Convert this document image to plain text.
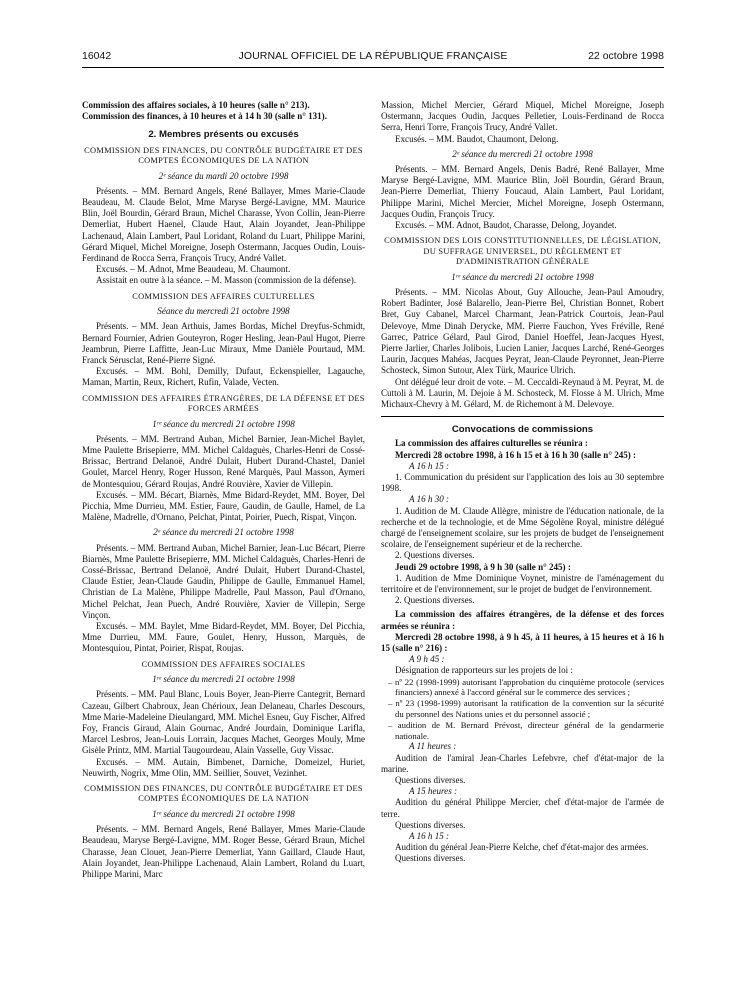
16042	JOURNAL OFFICIEL DE LA RÉPUBLIQUE FRANÇAISE	22 octobre 1998

Commission des affaires sociales, à 10 heures (salle n° 213).

Commission des finances, à 10 heures et à 14 h 30 (salle n° 131).

2. Membres présents ou excusés
COMMISSION DES FINANCES, DU CONTRÔLE BUDGÉTAIRE ET DES COMPTES ÉCONOMIQUES DE LA NATION
2ᵉ séance du mardi 20 octobre 1998

Présents. – MM. Bernard Angels, René Ballayer, Mmes Marie-Claude Beaudeau, M. Claude Belot, Mme Maryse Bergé-Lavigne, MM. Maurice Blin, Joël Bourdin, Gérard Braun, Michel Charasse, Yvon Collin, Jean-Pierre Demerliat, Hubert Haenel, Claude Haut, Alain Joyandet, Jean-Philippe Lachenaud, Alain Lambert, Paul Loridant, Roland du Luart, Philippe Marini, Gérard Miquel, Michel Moreigne, Joseph Ostermann, Jacques Oudin, Louis-Ferdinand de Rocca Serra, François Trucy, André Vallet.

Excusés. – M. Adnot, Mme Beaudeau, M. Chaumont.

Assistait en outre à la séance. – M. Masson (commission de la défense).

COMMISSION DES AFFAIRES CULTURELLES
Séance du mercredi 21 octobre 1998

Présents. – MM. Jean Arthuis, James Bordas, Michel Dreyfus-Schmidt, Bernard Fournier, Adrien Gouteyron, Roger Hesling, Jean-Paul Hugot, Pierre Jeambrun, Pierre Laffitte, Jean-Luc Miraux, Mme Danièle Pourtaud, MM. Franck Sérusclat, René-Pierre Signé.

Excusés. – MM. Bohl, Demilly, Dufaut, Eckenspieller, Lagauche, Maman, Martin, Reux, Richert, Rufin, Valade, Vecten.

COMMISSION DES AFFAIRES ÉTRANGÈRES, DE LA DÉFENSE ET DES FORCES ARMÉES
1ʳᵉ séance du mercredi 21 octobre 1998

Présents. – MM. Bertrand Auban, Michel Barnier, Jean-Michel Baylet, Mme Paulette Brisepierre, MM. Michel Caldaguès, Charles-Henri de Cossé-Brissac, Bertrand Delanoë, André Dulait, Hubert Durand-Chastel, Daniel Goulet, Marcel Henry, Roger Husson, René Marquès, Paul Masson, Aymeri de Montesquiou, Gérard Roujas, André Rouvière, Xavier de Villepin.

Excusés. – MM. Bécart, Biarnès, Mme Bidard-Reydet, MM. Boyer, Del Picchia, Mme Durrieu, MM. Estier, Faure, Gaudin, de Gaulle, Hamel, de La Malène, Madrelle, d'Ornano, Pelchat, Pintat, Poirier, Puech, Rispat, Vinçon.

2ᵉ séance du mercredi 21 octobre 1998

Présents. – MM. Bertrand Auban, Michel Barnier, Jean-Luc Bécart, Pierre Biarnès, Mme Paulette Brisepierre, MM. Michel Caldaguès, Charles-Henri de Cossé-Brissac, Bertrand Delanoë, André Dulait, Hubert Durand-Chastel, Claude Estier, Jean-Claude Gaudin, Philippe de Gaulle, Emmanuel Hamel, Christian de La Malène, Philippe Madrelle, Paul Masson, Paul d'Ornano, Michel Pelchat, Jean Puech, André Rouvière, Xavier de Villepin, Serge Vinçon.

Excusés. – MM. Baylet, Mme Bidard-Reydet, MM. Boyer, Del Picchia, Mme Durrieu, MM. Faure, Goulet, Henry, Husson, Marquès, de Montesquiou, Pintat, Poirier, Rispat, Roujas.

COMMISSION DES AFFAIRES SOCIALES
1ʳᵉ séance du mercredi 21 octobre 1998

Présents. – MM. Paul Blanc, Louis Boyer, Jean-Pierre Cantegrit, Bernard Cazeau, Gilbert Chabroux, Jean Chérioux, Jean Delaneau, Charles Descours, Mme Marie-Madeleine Dieulangard, MM. Michel Esneu, Guy Fischer, Alfred Foy, Francis Giraud, Alain Gournac, André Jourdain, Dominique Larifla, Marcel Lesbros, Jean-Louis Lorrain, Jacques Machet, Georges Mouly, Mme Gisèle Printz, MM. Martial Taugourdeau, Alain Vasselle, Guy Vissac.

Excusés. – MM. Autain, Bimbenet, Darniche, Domeizel, Huriet, Neuwirth, Nogrix, Mme Olin, MM. Seillier, Souvet, Vezinhet.

COMMISSION DES FINANCES, DU CONTRÔLE BUDGÉTAIRE ET DES COMPTES ÉCONOMIQUES DE LA NATION
1ʳᵉ séance du mercredi 21 octobre 1998

Présents. – MM. Bernard Angels, René Ballayer, Mmes Marie-Claude Beaudeau, Maryse Bergé-Lavigne, MM. Roger Besse, Gérard Braun, Michel Charasse, Jean Clouet, Jean-Pierre Demerliat, Yann Gaillard, Claude Haut, Alain Joyandet, Jean-Philippe Lachenaud, Alain Lambert, Roland du Luart, Philippe Marini, Marc

Massion, Michel Mercier, Gérard Miquel, Michel Moreigne, Joseph Ostermann, Jacques Oudin, Jacques Pelletier, Louis-Ferdinand de Rocca Serra, Henri Torre, François Trucy, André Vallet.

Excusés. – MM. Baudot, Chaumont, Delong.

2ᵉ séance du mercredi 21 octobre 1998

Présents. – MM. Bernard Angels, Denis Badré, René Ballayer, Mme Maryse Bergé-Lavigne, MM. Maurice Blin, Joël Bourdin, Gérard Braun, Jean-Pierre Demerliat, Thierry Foucaud, Alain Lambert, Paul Loridant, Philippe Marini, Michel Mercier, Michel Moreigne, Joseph Ostermann, Jacques Oudin, François Trucy.

Excusés. – MM. Adnot, Baudot, Charasse, Delong, Joyandet.

COMMISSION DES LOIS CONSTITUTIONNELLES, DE LÉGISLATION, DU SUFFRAGE UNIVERSEL, DU RÈGLEMENT ET D'ADMINISTRATION GÉNÉRALE
1ʳᵉ séance du mercredi 21 octobre 1998

Présents. – MM. Nicolas About, Guy Allouche, Jean-Paul Amoudry, Robert Badinter, José Balarello, Jean-Pierre Bel, Christian Bonnet, Robert Bret, Guy Cabanel, Marcel Charmant, Jean-Patrick Courtois, Jean-Paul Delevoye, Mme Dinah Derycke, MM. Pierre Fauchon, Yves Fréville, René Garrec, Patrice Gélard, Paul Girod, Daniel Hoeffel, Jean-Jacques Hyest, Pierre Jarlier, Charles Jolibois, Lucien Lanier, Jacques Larché, René-Georges Laurin, Jacques Mahéas, Jacques Peyrat, Jean-Claude Peyronnet, Jean-Pierre Schosteck, Simon Sutour, Alex Türk, Maurice Ulrich.

Ont délégué leur droit de vote. – M. Ceccaldi-Reynaud à M. Peyrat, M. de Cuttoli à M. Laurin, M. Dejoie à M. Schosteck, M. Flosse à M. Ulrich, Mme Michaux-Chevry à M. Gélard, M. de Richemont à M. Delevoye.

Convocations de commissions

La commission des affaires culturelles se réunira :

Mercredi 28 octobre 1998, à 16 h 15 et à 16 h 30 (salle n° 245) :

A 16 h 15 :

1. Communication du président sur l'application des lois au 30 septembre 1998.

A 16 h 30 :

1. Audition de M. Claude Allègre, ministre de l'éducation nationale, de la recherche et de la technologie, et de Mme Ségolène Royal, ministre délégué chargé de l'enseignement scolaire, sur les projets de budget de l'enseignement scolaire, de l'enseignement supérieur et de la recherche.

2. Questions diverses.

Jeudi 29 octobre 1998, à 9 h 30 (salle n° 245) :

1. Audition de Mme Dominique Voynet, ministre de l'aménagement du territoire et de l'environnement, sur le projet de budget de l'environnement.

2. Questions diverses.

La commission des affaires étrangères, de la défense et des forces armées se réunira :

Mercredi 28 octobre 1998, à 9 h 45, à 11 heures, à 15 heures et à 16 h 15 (salle n° 216) :

A 9 h 45 :

Désignation de rapporteurs sur les projets de loi :

– nº 22 (1998-1999) autorisant l'approbation du cinquième protocole (services financiers) annexé à l'accord général sur le commerce des services ;

– nº 23 (1998-1999) autorisant la ratification de la convention sur la sécurité du personnel des Nations unies et du personnel associé ;

– audition de M. Bernard Prévost, directeur général de la gendarmerie nationale.

A 11 heures :

Audition de l'amiral Jean-Charles Lefebvre, chef d'état-major de la marine.

Questions diverses.

A 15 heures :

Audition du général Philippe Mercier, chef d'état-major de l'armée de terre.

Questions diverses.

A 16 h 15 :

Audition du général Jean-Pierre Kelche, chef d'état-major des armées.

Questions diverses.
